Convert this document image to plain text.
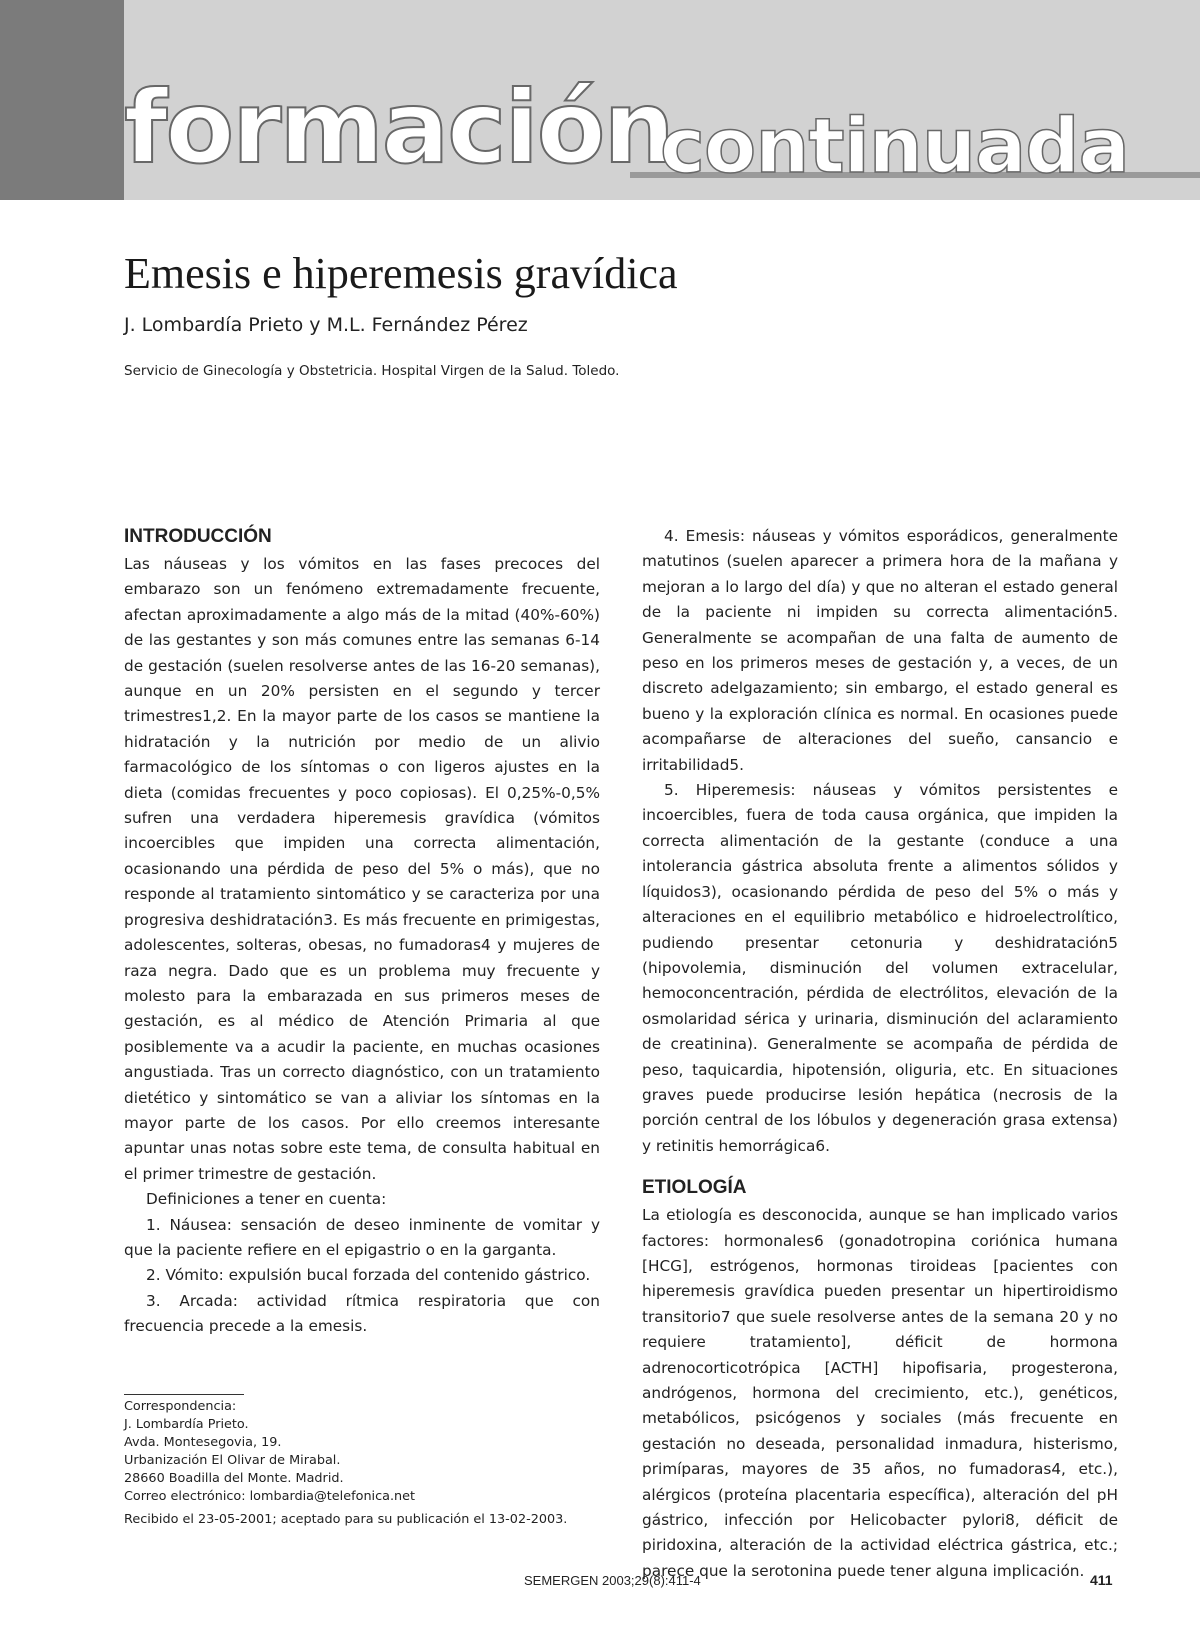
formación
continuada
Emesis e hiperemesis gravídica
J. Lombardía Prieto y M.L. Fernández Pérez
Servicio de Ginecología y Obstetricia. Hospital Virgen de la Salud. Toledo.
INTRODUCCIÓN

Las náuseas y los vómitos en las fases precoces del embarazo son un fenómeno extremadamente frecuente, afectan aproximadamente a algo más de la mitad (40%-60%) de las gestantes y son más comunes entre las semanas 6-14 de gestación (suelen resolverse antes de las 16-20 semanas), aunque en un 20% persisten en el segundo y tercer trimestres1,2. En la mayor parte de los casos se mantiene la hidratación y la nutrición por medio de un alivio farmacológico de los síntomas o con ligeros ajustes en la dieta (comidas frecuentes y poco copiosas). El 0,25%-0,5% sufren una verdadera hiperemesis gravídica (vómitos incoercibles que impiden una correcta alimentación, ocasionando una pérdida de peso del 5% o más), que no responde al tratamiento sintomático y se caracteriza por una progresiva deshidratación3. Es más frecuente en primigestas, adolescentes, solteras, obesas, no fumadoras4 y mujeres de raza negra. Dado que es un problema muy frecuente y molesto para la embarazada en sus primeros meses de gestación, es al médico de Atención Primaria al que posiblemente va a acudir la paciente, en muchas ocasiones angustiada. Tras un correcto diagnóstico, con un tratamiento dietético y sintomático se van a aliviar los síntomas en la mayor parte de los casos. Por ello creemos interesante apuntar unas notas sobre este tema, de consulta habitual en el primer trimestre de gestación.

Definiciones a tener en cuenta:

1. Náusea: sensación de deseo inminente de vomitar y que la paciente refiere en el epigastrio o en la garganta.

2. Vómito: expulsión bucal forzada del contenido gástrico.

3. Arcada: actividad rítmica respiratoria que con frecuencia precede a la emesis.

4. Emesis: náuseas y vómitos esporádicos, generalmente matutinos (suelen aparecer a primera hora de la mañana y mejoran a lo largo del día) y que no alteran el estado general de la paciente ni impiden su correcta alimentación5. Generalmente se acompañan de una falta de aumento de peso en los primeros meses de gestación y, a veces, de un discreto adelgazamiento; sin embargo, el estado general es bueno y la exploración clínica es normal. En ocasiones puede acompañarse de alteraciones del sueño, cansancio e irritabilidad5.

5. Hiperemesis: náuseas y vómitos persistentes e incoercibles, fuera de toda causa orgánica, que impiden la correcta alimentación de la gestante (conduce a una intolerancia gástrica absoluta frente a alimentos sólidos y líquidos3), ocasionando pérdida de peso del 5% o más y alteraciones en el equilibrio metabólico e hidroelectrolítico, pudiendo presentar cetonuria y deshidratación5 (hipovolemia, disminución del volumen extracelular, hemoconcentración, pérdida de electrólitos, elevación de la osmolaridad sérica y urinaria, disminución del aclaramiento de creatinina). Generalmente se acompaña de pérdida de peso, taquicardia, hipotensión, oliguria, etc. En situaciones graves puede producirse lesión hepática (necrosis de la porción central de los lóbulos y degeneración grasa extensa) y retinitis hemorrágica6.

ETIOLOGÍA

La etiología es desconocida, aunque se han implicado varios factores: hormonales6 (gonadotropina coriónica humana [HCG], estrógenos, hormonas tiroideas [pacientes con hiperemesis gravídica pueden presentar un hipertiroidismo transitorio7 que suele resolverse antes de la semana 20 y no requiere tratamiento], déficit de hormona adrenocorticotrópica [ACTH] hipofisaria, progesterona, andrógenos, hormona del crecimiento, etc.), genéticos, metabólicos, psicógenos y sociales (más frecuente en gestación no deseada, personalidad inmadura, histerismo, primíparas, mayores de 35 años, no fumadoras4, etc.), alérgicos (proteína placentaria específica), alteración del pH gástrico, infección por Helicobacter pylori8, déficit de piridoxina, alteración de la actividad eléctrica gástrica, etc.; parece que la serotonina puede tener alguna implicación.

Correspondencia:
J. Lombardía Prieto.
Avda. Montesegovia, 19.
Urbanización El Olivar de Mirabal.
28660 Boadilla del Monte. Madrid.
Correo electrónico: lombardia@telefonica.net
Recibido el 23-05-2001; aceptado para su publicación el 13-02-2003.
SEMERGEN 2003;29(8):411-4	411
